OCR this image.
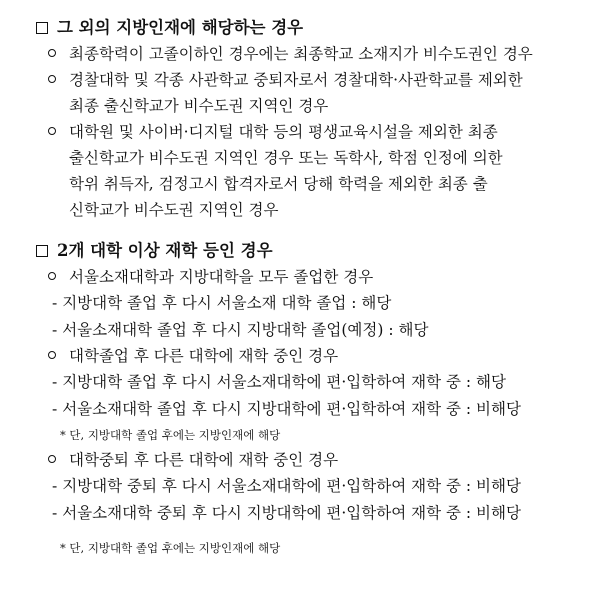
그 외의 지방인재에 해당하는 경우
최종학력이 고졸이하인 경우에는 최종학교 소재지가 비수도권인 경우
경찰대학 및 각종 사관학교 중퇴자로서 경찰대학·사관학교를 제외한
최종 출신학교가 비수도권 지역인 경우
대학원 및 사이버·디지털 대학 등의 평생교육시설을 제외한 최종
출신학교가 비수도권 지역인 경우 또는 독학사, 학점 인정에 의한
학위 취득자, 검정고시 합격자로서 당해 학력을 제외한 최종 출
신학교가 비수도권 지역인 경우
2개 대학 이상 재학 등인 경우
서울소재대학과 지방대학을 모두 졸업한 경우
- 지방대학 졸업 후 다시 서울소재 대학 졸업 : 해당
- 서울소재대학 졸업 후 다시 지방대학 졸업(예정) : 해당
대학졸업 후 다른 대학에 재학 중인 경우
- 지방대학 졸업 후 다시 서울소재대학에 편·입학하여 재학 중 : 해당
- 서울소재대학 졸업 후 다시 지방대학에 편·입학하여 재학 중 : 비해당
* 단, 지방대학 졸업 후에는 지방인재에 해당
대학중퇴 후 다른 대학에 재학 중인 경우
- 지방대학 중퇴 후 다시 서울소재대학에 편·입학하여 재학 중 : 비해당
- 서울소재대학 중퇴 후 다시 지방대학에 편·입학하여 재학 중 : 비해당
* 단, 지방대학 졸업 후에는 지방인재에 해당
